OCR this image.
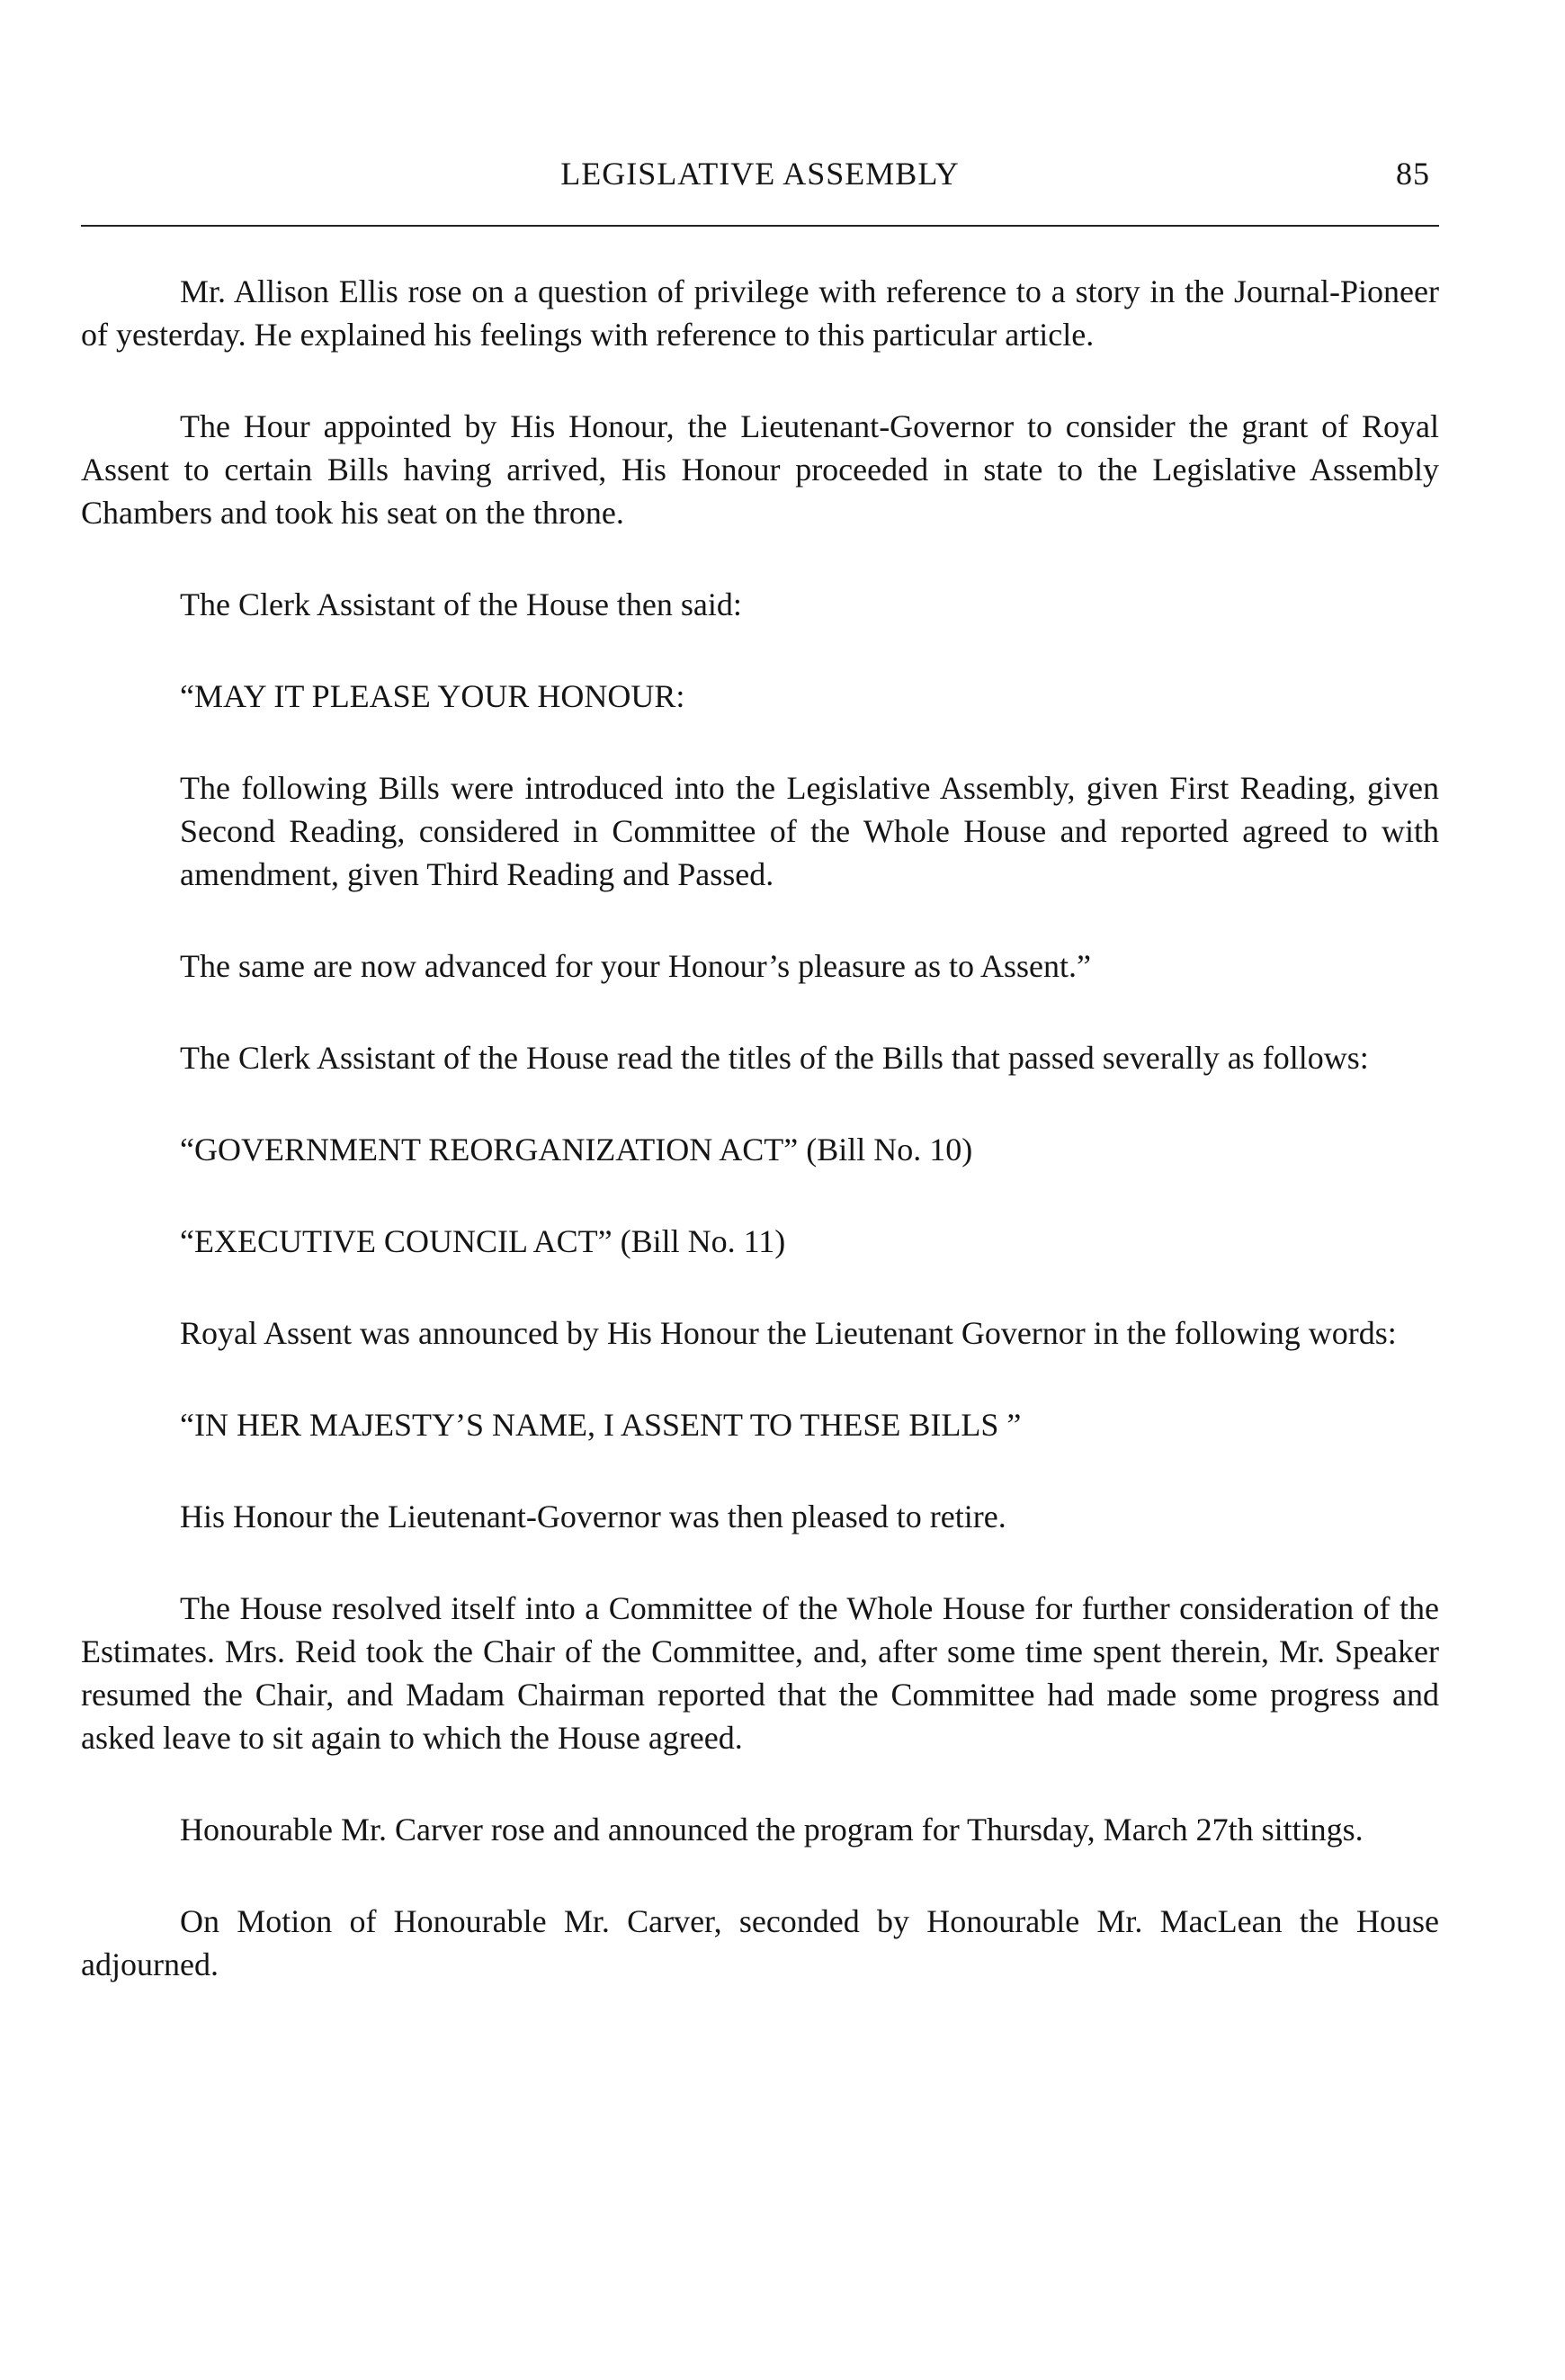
LEGISLATIVE ASSEMBLY	85

Mr. Allison Ellis rose on a question of privilege with reference to a story in the Journal-Pioneer of yesterday. He explained his feelings with reference to this particular article.

The Hour appointed by His Honour, the Lieutenant-Governor to consider the grant of Royal Assent to certain Bills having arrived, His Honour proceeded in state to the Legislative Assembly Chambers and took his seat on the throne.

The Clerk Assistant of the House then said:

“MAY IT PLEASE YOUR HONOUR:

The following Bills were introduced into the Legislative Assembly, given First Reading, given Second Reading, considered in Committee of the Whole House and reported agreed to with amendment, given Third Reading and Passed.

The same are now advanced for your Honour’s pleasure as to Assent.”

The Clerk Assistant of the House read the titles of the Bills that passed severally as follows:

“GOVERNMENT REORGANIZATION ACT” (Bill No. 10)

“EXECUTIVE COUNCIL ACT” (Bill No. 11)

Royal Assent was announced by His Honour the Lieutenant Governor in the following words:

“IN HER MAJESTY’S NAME, I ASSENT TO THESE BILLS ”

His Honour the Lieutenant-Governor was then pleased to retire.

The House resolved itself into a Committee of the Whole House for further consideration of the Estimates. Mrs. Reid took the Chair of the Committee, and, after some time spent therein, Mr. Speaker resumed the Chair, and Madam Chairman reported that the Committee had made some progress and asked leave to sit again to which the House agreed.

Honourable Mr. Carver rose and announced the program for Thursday, March 27th sittings.

On Motion of Honourable Mr. Carver, seconded by Honourable Mr. MacLean the House adjourned.
